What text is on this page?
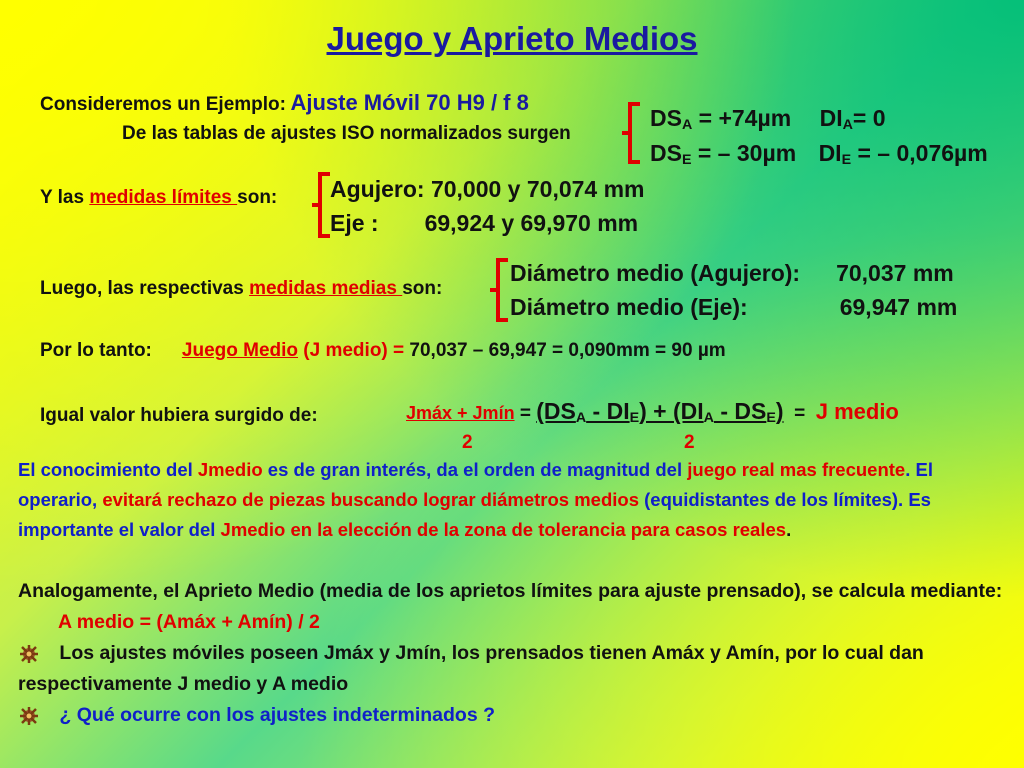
Juego y Aprieto Medios
Consideremos un Ejemplo: Ajuste Móvil 70 H9 / f 8
De las tablas de ajustes ISO normalizados surgen
$DS_A = +74\mu m$ $DI_A= 0$
$DS_E$ = – 30µm $DI_E$ = – 0,076µm
Y las medidas límites son: Agujero: 70,000 y 70,074 mm
Eje : 69,924 y 69,970 mm
Luego, las respectivas medidas medias son:
Diámetro medio (Agujero): 70,037 mm
Diámetro medio (Eje):	69,947 mm
Por lo tanto: Juego Medio (J medio) = 70,037 – 69,947 = 0,090mm = 90 µm
Igual valor hubiera surgido de:	Jmáx + Jmín = $(DS_A - DI_E) + (DI_A - DS_E) = J$ medio
2	2
El conocimiento del Jmedio es de gran interés, da el orden de magnitud del juego real mas frecuente. El operario, evitará rechazo de piezas buscando lograr diámetros medios (equidistantes de los límites). Es importante el valor del Jmedio en la elección de la zona de tolerancia para casos reales.
Analogamente, el Aprieto Medio (media de los aprietos límites para ajuste prensado), se calcula mediante: A medio = (Amáx + Amín) / 2
Los ajustes móviles poseen Jmáx y Jmín, los prensados tienen Amáx y Amín, por lo cual dan respectivamente J medio y A medio
¿ Qué ocurre con los ajustes indeterminados ?
